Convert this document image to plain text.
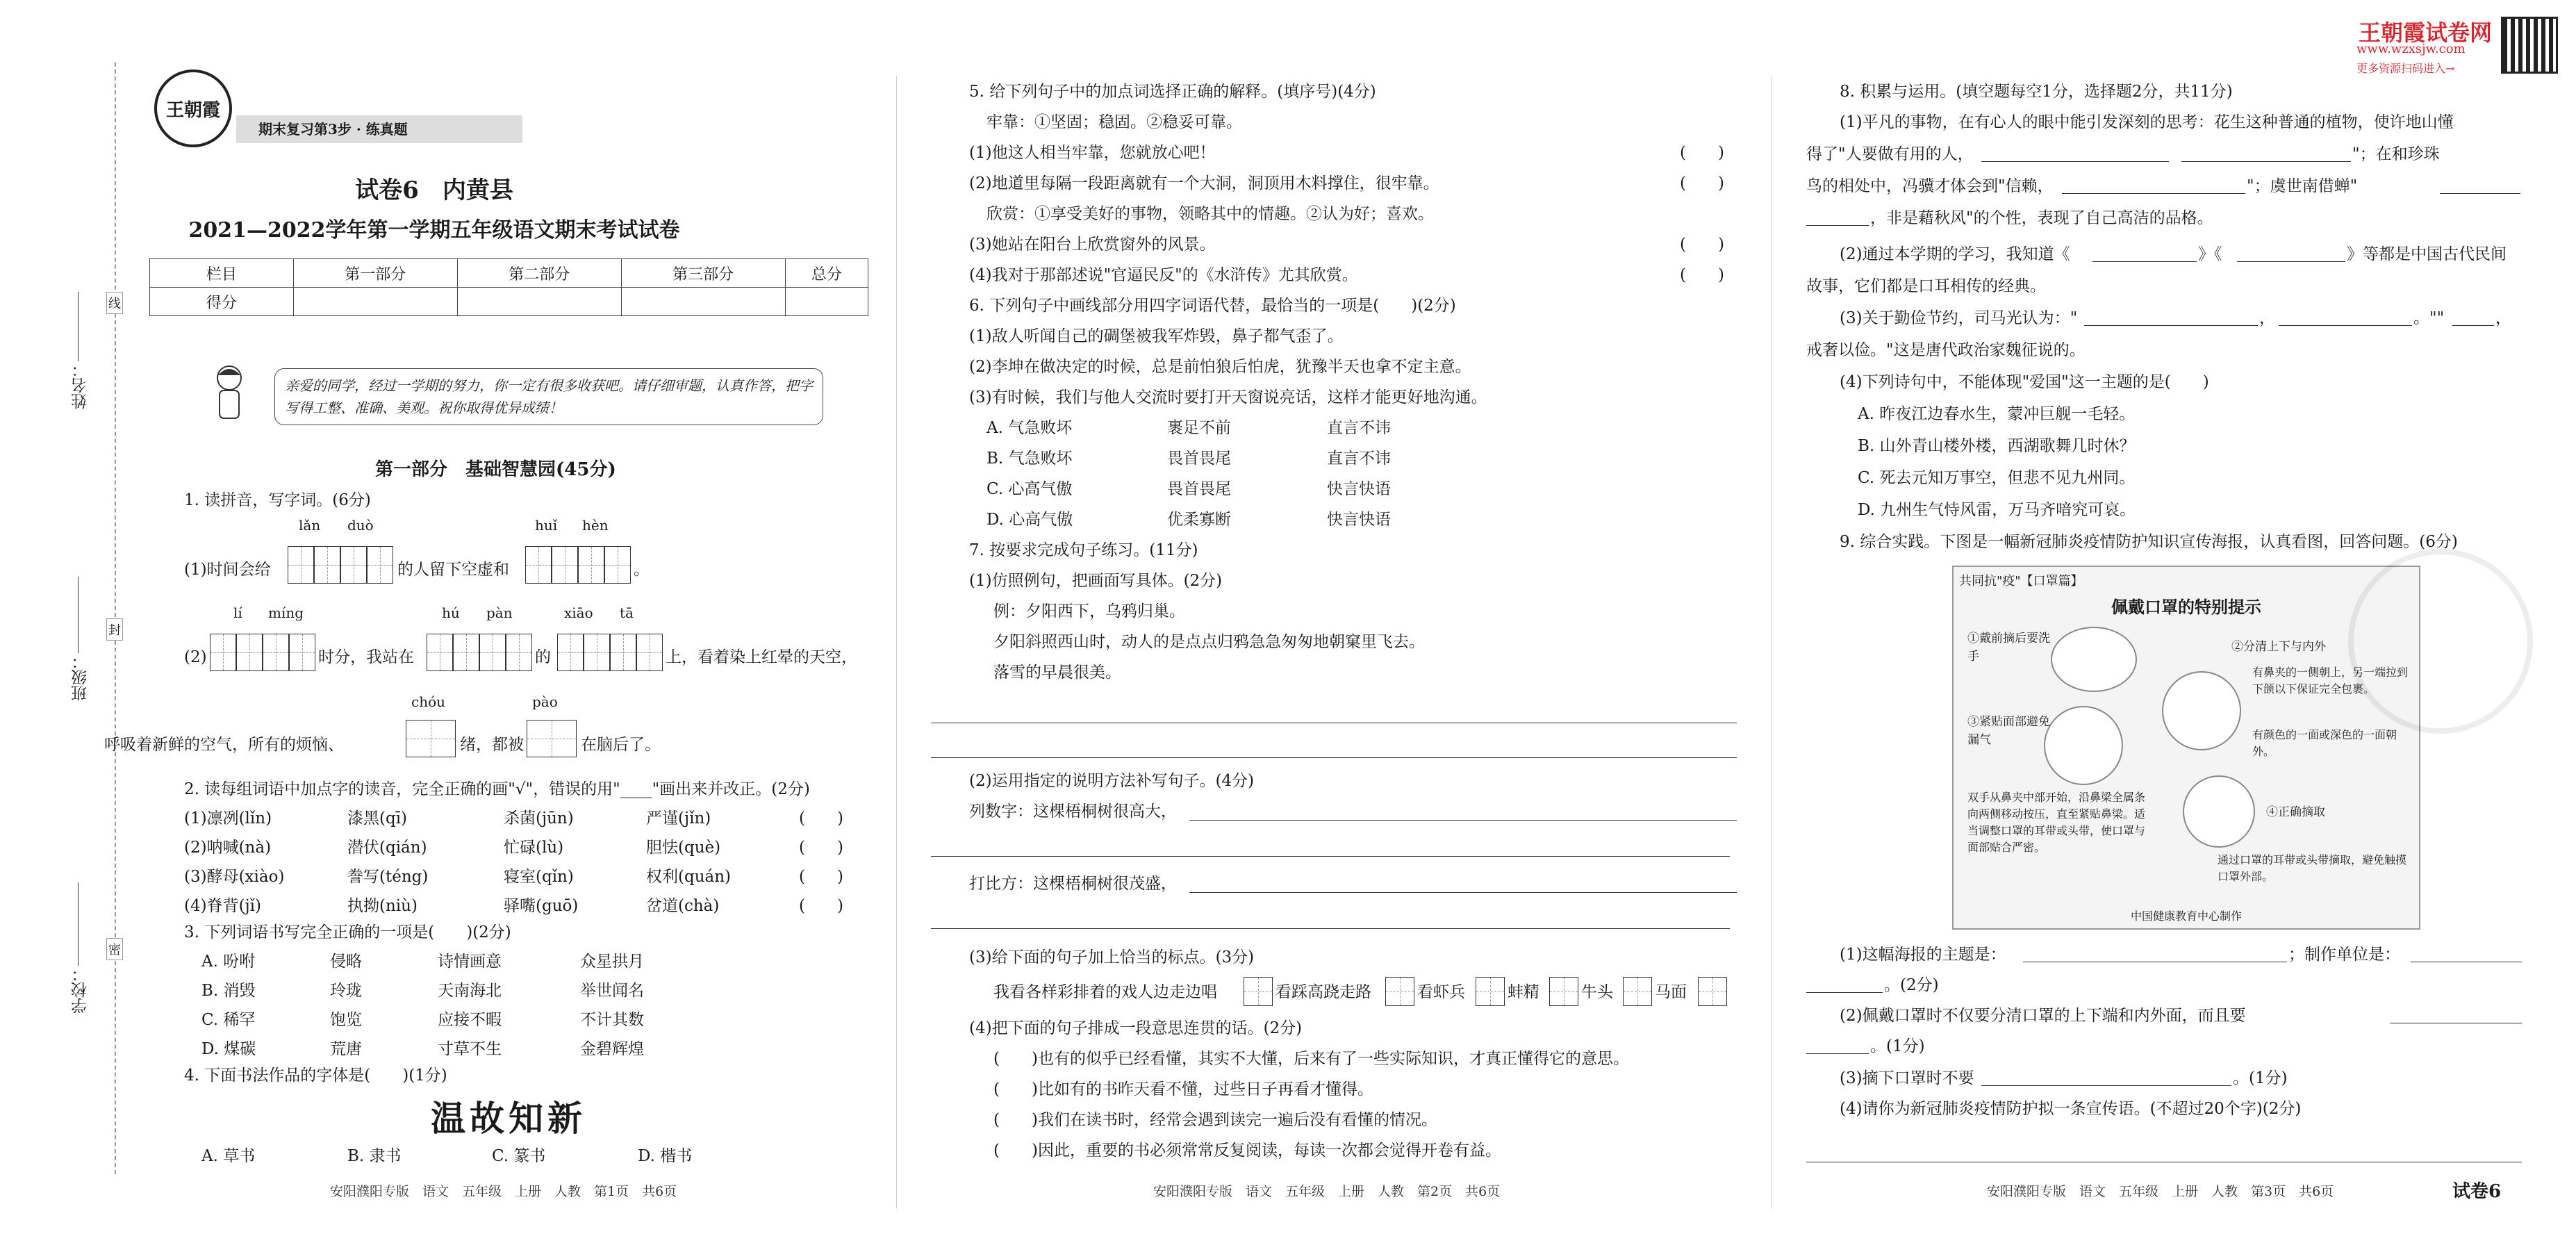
姓名：
班级：
学校：
线
封
密
王朝霞
期末复习第3步 · 练真题
试卷6　内黄县
2021—2022学年第一学期五年级语文期末考试试卷
栏目	第一部分	第二部分	第三部分	总分
得分				
亲爱的同学，经过一学期的努力，你一定有很多收获吧。请仔细审题，认真作答，把字写得工整、准确、美观。祝你取得优异成绩！
第一部分　基础智慧园(45分)
1. 读拼音，写字词。(6分)
lǎn duò	huǐ hèn
(1)时间会给	的人留下空虚和	。
lí míng	hú pàn	xiāo tā
(2)	时分，我站在	的	上，看着染上红晕的天空，
chóu	pào
呼吸着新鲜的空气，所有的烦恼、	绪，都被	在脑后了。
2. 读每组词语中加点字的读音，完全正确的画"√"，错误的用"____"画出来并改正。(2分)
(1)凛冽(lǐn)	漆黑(qī)	杀菌(jūn)	严谨(jǐn)	(　　)
(2)呐喊(nà)	潜伏(qián)	忙碌(lù)	胆怯(què)	(　　)
(3)酵母(xiào)	誊写(téng)	寝室(qǐn)	权利(quán)	(　　)
(4)脊背(jǐ)	执拗(niù)	驿嘴(guō)	岔道(chà)	(　　)
3. 下列词语书写完全正确的一项是(　　)(2分)
A. 吩咐	侵略	诗情画意	众星拱月
B. 消毁	玲珑	天南海北	举世闻名
C. 稀罕	饱览	应接不暇	不计其数
D. 煤碳	荒唐	寸草不生	金碧辉煌
4. 下面书法作品的字体是(　　)(1分)
温故知新
A. 草书	B. 隶书	C. 篆书	D. 楷书
安阳濮阳专版　语文　五年级　上册　人教　第1页　共6页
5. 给下列句子中的加点词选择正确的解释。(填序号)(4分)
牢靠：①坚固；稳固。②稳妥可靠。
(1)他这人相当牢靠，您就放心吧！	(　　)
(2)地道里每隔一段距离就有一个大洞，洞顶用木料撑住，很牢靠。	(　　)
欣赏：①享受美好的事物，领略其中的情趣。②认为好；喜欢。
(3)她站在阳台上欣赏窗外的风景。	(　　)
(4)我对于那部述说"官逼民反"的《水浒传》尤其欣赏。	(　　)
6. 下列句子中画线部分用四字词语代替，最恰当的一项是(　　)(2分)
(1)敌人听闻自己的碉堡被我军炸毁，鼻子都气歪了。
(2)李坤在做决定的时候，总是前怕狼后怕虎，犹豫半天也拿不定主意。
(3)有时候，我们与他人交流时要打开天窗说亮话，这样才能更好地沟通。
A. 气急败坏	裹足不前	直言不讳
B. 气急败坏	畏首畏尾	直言不讳
C. 心高气傲	畏首畏尾	快言快语
D. 心高气傲	优柔寡断	快言快语
7. 按要求完成句子练习。(11分)
(1)仿照例句，把画面写具体。(2分)
例：夕阳西下，乌鸦归巢。
夕阳斜照西山时，动人的是点点归鸦急急匆匆地朝窠里飞去。
落雪的早晨很美。
(2)运用指定的说明方法补写句子。(4分)
列数字：这棵梧桐树很高大，
打比方：这棵梧桐树很茂盛，
(3)给下面的句子加上恰当的标点。(3分)
我看各样彩排着的戏人边走边唱	看踩高跷走路	看虾兵	蚌精	牛头	马面
(4)把下面的句子排成一段意思连贯的话。(2分)
(　　)也有的似乎已经看懂，其实不大懂，后来有了一些实际知识，才真正懂得它的意思。
(　　)比如有的书昨天看不懂，过些日子再看才懂得。
(　　)我们在读书时，经常会遇到读完一遍后没有看懂的情况。
(　　)因此，重要的书必须常常反复阅读，每读一次都会觉得开卷有益。
安阳濮阳专版　语文　五年级　上册　人教　第2页　共6页
王朝霞试卷网
www.wzxsjw.com
更多资源扫码进入→
8. 积累与运用。(填空题每空1分，选择题2分，共11分)
(1)平凡的事物，在有心人的眼中能引发深刻的思考：花生这种普通的植物，使许地山懂
得了"人要做有用的人，	"；在和珍珠
鸟的相处中，冯骥才体会到"信赖，	"；虞世南借蝉"
，非是藉秋风"的个性，表现了自己高洁的品格。
(2)通过本学期的学习，我知道《	》《	》等都是中国古代民间
故事，它们都是口耳相传的经典。
(3)关于勤俭节约，司马光认为："	，	。""	，
戒奢以俭。"这是唐代政治家魏征说的。
(4)下列诗句中，不能体现"爱国"这一主题的是(　　)
A. 昨夜江边春水生，蒙冲巨舰一毛轻。
B. 山外青山楼外楼，西湖歌舞几时休？
C. 死去元知万事空，但悲不见九州同。
D. 九州生气恃风雷，万马齐喑究可哀。
9. 综合实践。下图是一幅新冠肺炎疫情防护知识宣传海报，认真看图，回答问题。(6分)
共同抗"疫"【口罩篇】
佩戴口罩的特别提示
①戴前摘后要洗手
②分清上下与内外
有鼻夹的一侧朝上，另一端拉到下颌以下保证完全包裹。
③紧贴面部避免漏气	有颜色的一面或深色的一面朝外。
双手从鼻夹中部开始，沿鼻梁全属条向两侧移动按压，直至紧贴鼻梁。适当调整口罩的耳带或头带，使口罩与面部贴合严密。
④正确摘取
通过口罩的耳带或头带摘取，避免触摸口罩外部。
中国健康教育中心制作
(1)这幅海报的主题是：	；制作单位是：
。(2分)
(2)佩戴口罩时不仅要分清口罩的上下端和内外面，而且要
。(1分)
(3)摘下口罩时不要	。(1分)
(4)请你为新冠肺炎疫情防护拟一条宣传语。(不超过20个字)(2分)
安阳濮阳专版　语文　五年级　上册　人教　第3页　共6页	试卷6
